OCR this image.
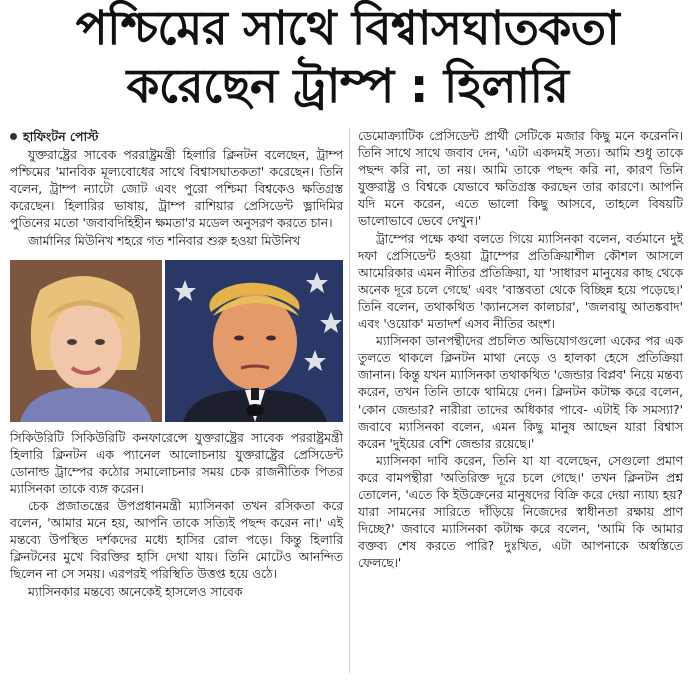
পশ্চিমের সাথে বিশ্বাসঘাতকতা
করেছেন ট্রাম্প : হিলারি
হাফিংটন পোস্ট

যুক্তরাষ্ট্রের সাবেক পররাষ্ট্রমন্ত্রী হিলারি ক্লিনটন বলেছেন, ট্রাম্প পশ্চিমের 'মানবিক মূল্যবোধের সাথে বিশ্বাসঘাতকতা' করেছেন। তিনি বলেন, ট্রাম্প ন্যাটো জোট এবং পুরো পশ্চিমা বিশ্বকেও ক্ষতিগ্রস্ত করেছেন। হিলারির ভাষায়, ট্রাম্প রাশিয়ার প্রেসিডেন্ট ভ্লাদিমির পুতিনের মতো 'জবাবদিহিহীন ক্ষমতা'র মডেল অনুসরণ করতে চান।

জার্মানির মিউনিখ শহরে গত শনিবার শুরু হওয়া মিউনিখ

সিকিউরিটি সিকিউরিটি কনফারেন্সে যুক্তরাষ্ট্রের সাবেক পররাষ্ট্রমন্ত্রী হিলারি ক্লিনটন এক প্যানেল আলোচনায় যুক্তরাষ্ট্রের প্রেসিডেন্ট ডোনাল্ড ট্রাম্পের কঠোর সমালোচনার সময় চেক রাজনীতিক পিতর ম্যাসিনকা তাকে ব্যঙ্গ করেন।

চেক প্রজাতন্ত্রের উপপ্রধানমন্ত্রী ম্যাসিনকা তখন রসিকতা করে বলেন, 'আমার মনে হয়, আপনি তাকে সত্যিই পছন্দ করেন না।' এই মন্তব্যে উপস্থিত দর্শকদের মধ্যে হাসির রোল পড়ে। কিন্তু হিলারি ক্লিনটনের মুখে বিরক্তির হাসি দেখা যায়। তিনি মোটেও আনন্দিত ছিলেন না সে সময়। এরপরই পরিস্থিতি উত্তপ্ত হয়ে ওঠে।

ম্যাসিনকার মন্তব্যে অনেকেই হাসলেও সাবেক

ডেমোক্র্যাটিক প্রেসিডেন্ট প্রার্থী সেটিকে মজার কিছু মনে করেননি। তিনি সাথে সাথে জবাব দেন, 'এটা একদমই সত্য। আমি শুধু তাকে পছন্দ করি না, তা নয়। আমি তাকে পছন্দ করি না, কারণ তিনি যুক্তরাষ্ট্র ও বিশ্বকে যেভাবে ক্ষতিগ্রস্ত করছেন তার কারণে। আপনি যদি মনে করেন, এতে ভালো কিছু আসবে, তাহলে বিষয়টি ভালোভাবে ভেবে দেখুন।'

ট্রাম্পের পক্ষে কথা বলতে গিয়ে ম্যাসিনকা বলেন, বর্তমানে দুই দফা প্রেসিডেন্ট হওয়া ট্রাম্পের প্রতিক্রিয়াশীল কৌশল আসলে আমেরিকার এমন নীতির প্রতিক্রিয়া, যা 'সাধারণ মানুষের কাছ থেকে অনেক দূরে চলে গেছে' এবং 'বাস্তবতা থেকে বিচ্ছিন্ন হয়ে পড়েছে।' তিনি বলেন, তথাকথিত 'ক্যানসেল কালচার', 'জলবায়ু আতঙ্কবাদ' এবং 'ওয়োক' মতাদর্শ এসব নীতির অংশ।

ম্যাসিনকা ডানপন্থীদের প্রচলিত অভিযোগগুলো একের পর এক তুলতে থাকলে ক্লিনটন মাথা নেড়ে ও হালকা হেসে প্রতিক্রিয়া জানান। কিন্তু যখন ম্যাসিনকা তথাকথিত 'জেন্ডার বিপ্লব' নিয়ে মন্তব্য করেন, তখন তিনি তাকে থামিয়ে দেন। ক্লিনটন কটাক্ষ করে বলেন, 'কোন জেন্ডার? নারীরা তাদের অধিকার পাবে- এটাই কি সমস্যা?' জবাবে ম্যাসিনকা বলেন, এমন কিছু মানুষ আছেন যারা বিশ্বাস করেন 'দুইয়ের বেশি জেন্ডার রয়েছে।'

ম্যাসিনকা দাবি করেন, তিনি যা যা বলেছেন, সেগুলো প্রমাণ করে বামপন্থীরা 'অতিরিক্ত দূরে চলে গেছে।' তখন ক্লিনটন প্রশ্ন তোলেন, 'এতে কি ইউক্রেনের মানুষদের বিক্রি করে দেয়া ন্যায্য হয়? যারা সামনের সারিতে দাঁড়িয়ে নিজেদের স্বাধীনতা রক্ষায় প্রাণ দিচ্ছে?' জবাবে ম্যাসিনকা কটাক্ষ করে বলেন, 'আমি কি আমার বক্তব্য শেষ করতে পারি? দুঃখিত, এটা আপনাকে অস্বস্তিতে ফেলছে।'
